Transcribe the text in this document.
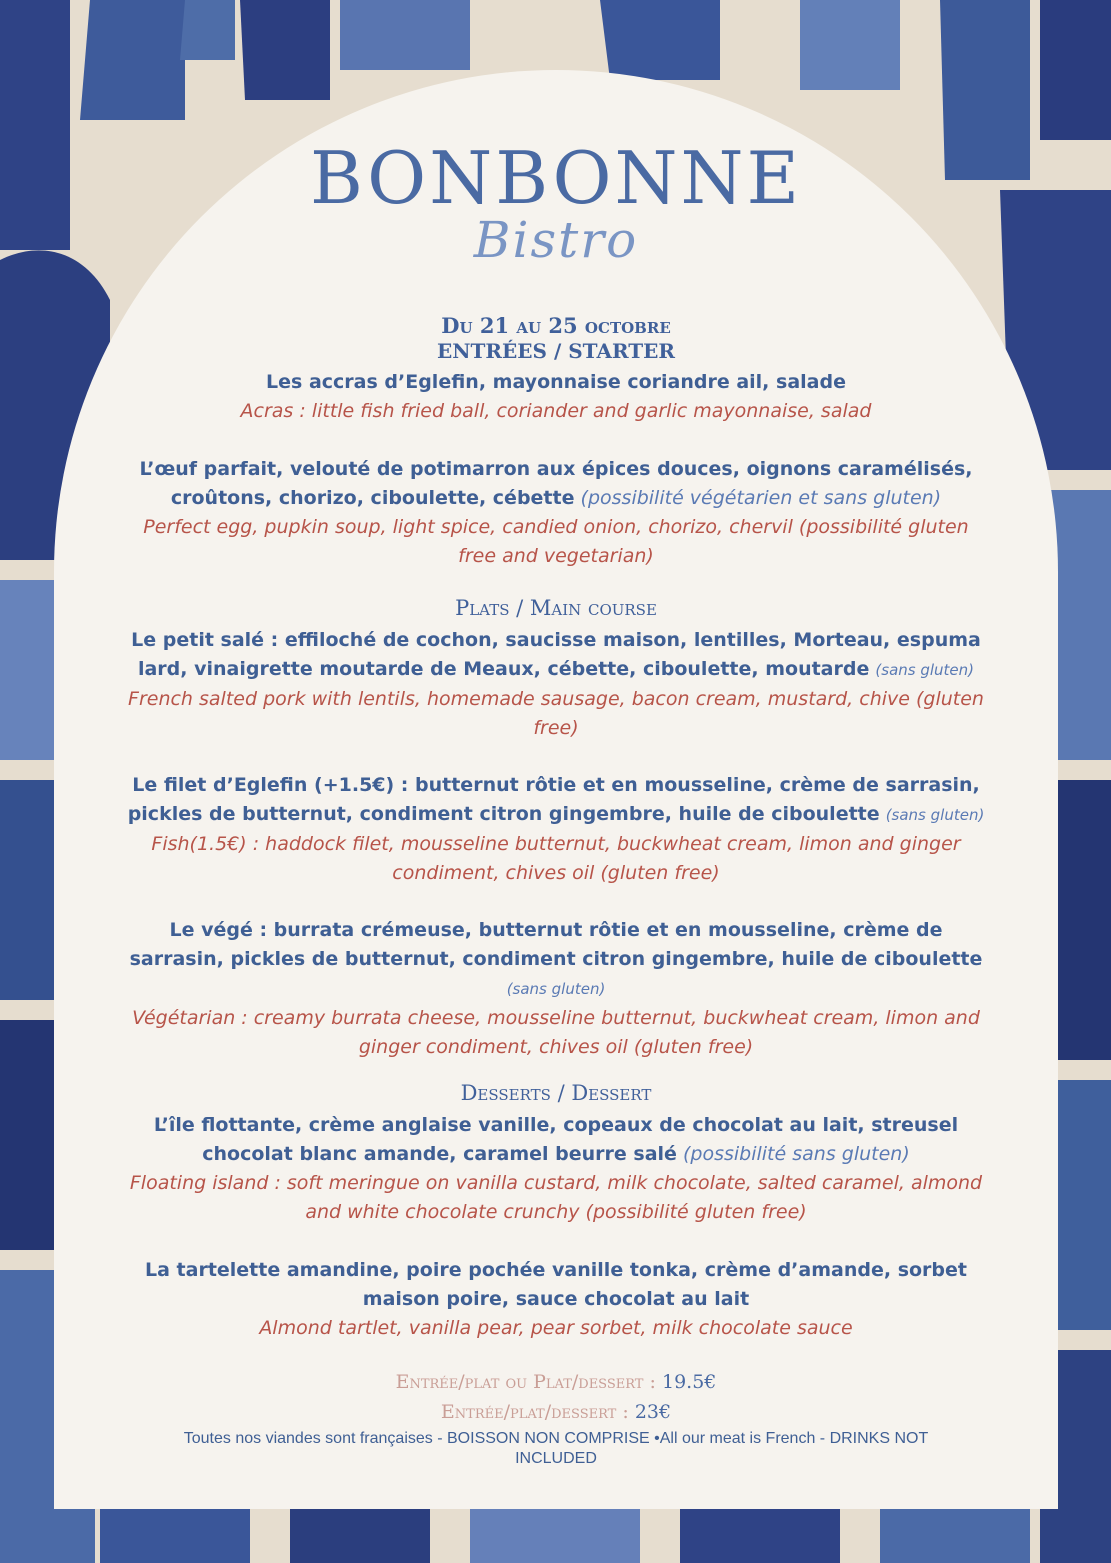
BONBONNE
Bistro
Du 21 au 25 octobre
ENTRÉES / STARTER
Les accras d’Eglefin, mayonnaise coriandre ail, salade
Acras : little fish fried ball, coriander and garlic mayonnaise, salad
L’œuf parfait, velouté de potimarron aux épices douces, oignons caramélisés, croûtons, chorizo, ciboulette, cébette (possibilité végétarien et sans gluten)
Perfect egg, pupkin soup, light spice, candied onion, chorizo, chervil (possibilité gluten free and vegetarian)
Plats / Main course
Le petit salé : effiloché de cochon, saucisse maison, lentilles, Morteau, espuma lard, vinaigrette moutarde de Meaux, cébette, ciboulette, moutarde (sans gluten)
French salted pork with lentils, homemade sausage, bacon cream, mustard, chive (gluten free)
Le filet d’Eglefin (+1.5€) : butternut rôtie et en mousseline, crème de sarrasin, pickles de butternut, condiment citron gingembre, huile de ciboulette (sans gluten)
Fish(1.5€) : haddock filet, mousseline butternut, buckwheat cream, limon and ginger condiment, chives oil (gluten free)
Le végé : burrata crémeuse, butternut rôtie et en mousseline, crème de sarrasin, pickles de butternut, condiment citron gingembre, huile de ciboulette (sans gluten)
Végétarian : creamy burrata cheese, mousseline butternut, buckwheat cream, limon and ginger condiment, chives oil (gluten free)
Desserts / Dessert
L’île flottante, crème anglaise vanille, copeaux de chocolat au lait, streusel chocolat blanc amande, caramel beurre salé (possibilité sans gluten)
Floating island : soft meringue on vanilla custard, milk chocolate, salted caramel, almond and white chocolate crunchy (possibilité gluten free)
La tartelette amandine, poire pochée vanille tonka, crème d’amande, sorbet maison poire, sauce chocolat au lait
Almond tartlet, vanilla pear, pear sorbet, milk chocolate sauce
Entrée/plat ou Plat/dessert : 19.5€
Entrée/plat/dessert : 23€
Toutes nos viandes sont françaises - BOISSON NON COMPRISE •All our meat is French - DRINKS NOT INCLUDED
